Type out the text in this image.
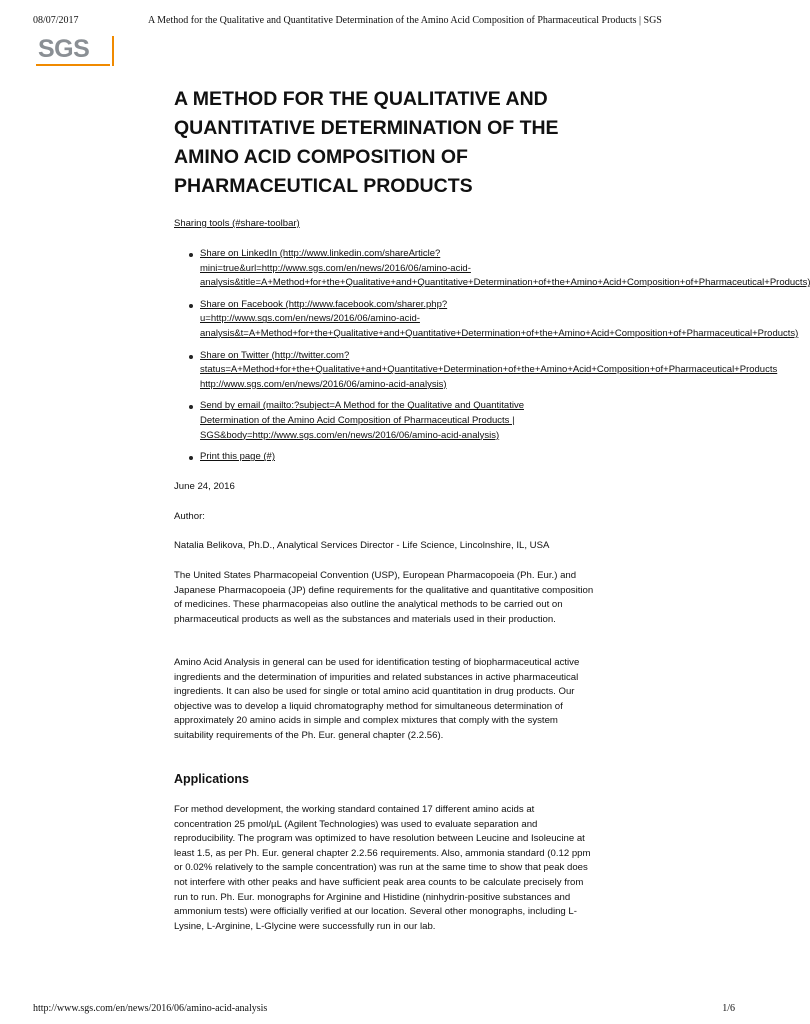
08/07/2017	A Method for the Qualitative and Quantitative Determination of the Amino Acid Composition of Pharmaceutical Products | SGS
SGS
A METHOD FOR THE QUALITATIVE AND QUANTITATIVE DETERMINATION OF THE AMINO ACID COMPOSITION OF PHARMACEUTICAL PRODUCTS
Sharing tools (#share-toolbar)
Share on LinkedIn (http://www.linkedin.com/shareArticle?
mini=true&url=http://www.sgs.com/en/news/2016/06/amino-acid-
analysis&title=A+Method+for+the+Qualitative+and+Quantitative+Determination+of+the+Amino+Acid+Composition+of+Pharmaceutical+Products)
Share on Facebook (http://www.facebook.com/sharer.php?
u=http://www.sgs.com/en/news/2016/06/amino-acid-
analysis&t=A+Method+for+the+Qualitative+and+Quantitative+Determination+of+the+Amino+Acid+Composition+of+Pharmaceutical+Products)
Share on Twitter (http://twitter.com?
status=A+Method+for+the+Qualitative+and+Quantitative+Determination+of+the+Amino+Acid+Composition+of+Pharmaceutical+Products
http://www.sgs.com/en/news/2016/06/amino-acid-analysis)
Send by email (mailto:?subject=A Method for the Qualitative and Quantitative
Determination of the Amino Acid Composition of Pharmaceutical Products |
SGS&body=http://www.sgs.com/en/news/2016/06/amino-acid-analysis)
Print this page (#)

June 24, 2016

Author:

Natalia Belikova, Ph.D., Analytical Services Director - Life Science, Lincolnshire, IL, USA

The United States Pharmacopeial Convention (USP), European Pharmacopoeia (Ph. Eur.) and Japanese Pharmacopoeia (JP) define requirements for the qualitative and quantitative composition of medicines. These pharmacopeias also outline the analytical methods to be carried out on pharmaceutical products as well as the substances and materials used in their production.

Amino Acid Analysis in general can be used for identification testing of biopharmaceutical active ingredients and the determination of impurities and related substances in active pharmaceutical ingredients. It can also be used for single or total amino acid quantitation in drug products. Our objective was to develop a liquid chromatography method for simultaneous determination of approximately 20 amino acids in simple and complex mixtures that comply with the system suitability requirements of the Ph. Eur. general chapter (2.2.56).

Applications

For method development, the working standard contained 17 different amino acids at concentration 25 pmol/µL (Agilent Technologies) was used to evaluate separation and reproducibility. The program was optimized to have resolution between Leucine and Isoleucine at least 1.5, as per Ph. Eur. general chapter 2.2.56 requirements. Also, ammonia standard (0.12 ppm or 0.02% relatively to the sample concentration) was run at the same time to show that peak does not interfere with other peaks and have sufficient peak area counts to be calculate precisely from run to run. Ph. Eur. monographs for Arginine and Histidine (ninhydrin-positive substances and ammonium tests) were officially verified at our location. Several other monographs, including L-Lysine, L-Arginine, L-Glycine were successfully run in our lab.

http://www.sgs.com/en/news/2016/06/amino-acid-analysis	1/6
